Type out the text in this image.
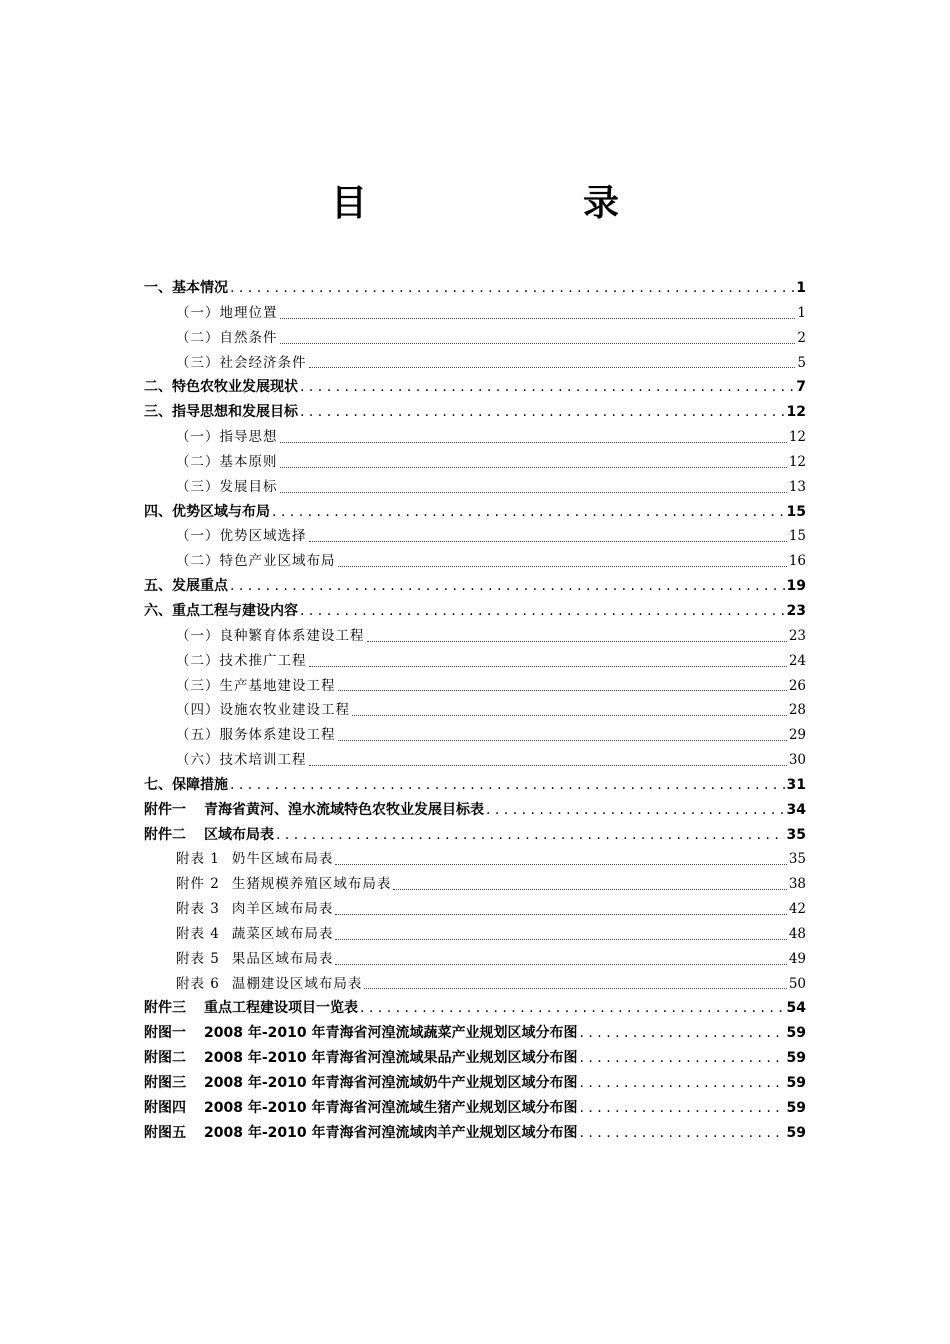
目　　录
一、基本情况 . . .	1
（一）地理位置	1
（二）自然条件	2
（三）社会经济条件	5
二、特色农牧业发展现状 . . .	7
三、指导思想和发展目标 . . .	12
（一）指导思想	12
（二）基本原则	12
（三）发展目标	13
四、优势区域与布局 . . .	15
（一）优势区域选择	15
（二）特色产业区域布局	16
五、发展重点 . . .	19
六、重点工程与建设内容 . . .	23
（一）良种繁育体系建设工程	23
（二）技术推广工程	24
（三）生产基地建设工程	26
（四）设施农牧业建设工程	28
（五）服务体系建设工程	29
（六）技术培训工程	30
七、保障措施 . . .	31
附件一 青海省黄河、湟水流域特色农牧业发展目标表 . . .	34
附件二 区域布局表 . . .	35
附表 1 奶牛区域布局表	35
附件 2 生猪规模养殖区域布局表	38
附表 3 肉羊区域布局表	42
附表 4 蔬菜区域布局表	48
附表 5 果品区域布局表	49
附表 6 温棚建设区域布局表	50
附件三 重点工程建设项目一览表 . . .	54
附图一 2008 年-2010 年青海省河湟流域蔬菜产业规划区域分布图 . . .	59
附图二 2008 年-2010 年青海省河湟流域果品产业规划区域分布图 . . .	59
附图三 2008 年-2010 年青海省河湟流域奶牛产业规划区域分布图 . . .	59
附图四 2008 年-2010 年青海省河湟流域生猪产业规划区域分布图 . . .	59
附图五 2008 年-2010 年青海省河湟流域肉羊产业规划区域分布图 . . .	59
